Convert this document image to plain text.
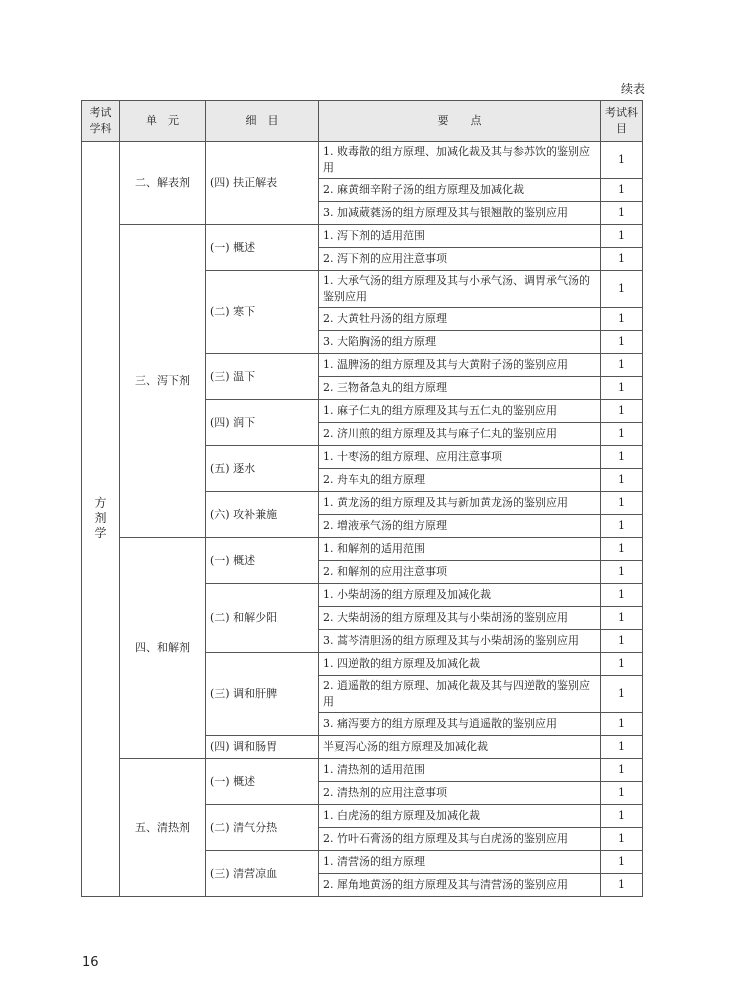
续表
考试学科	单　元	细　目	要　　点	考试科目
方剂学	二、解表剂	(四) 扶正解表	1. 败毒散的组方原理、加减化裁及其与参苏饮的鉴别应用	1
			2. 麻黄细辛附子汤的组方原理及加减化裁	1
			3. 加减葳蕤汤的组方原理及其与银翘散的鉴别应用	1
	三、泻下剂	(一) 概述	1. 泻下剂的适用范围	1
			2. 泻下剂的应用注意事项	1
		(二) 寒下	1. 大承气汤的组方原理及其与小承气汤、调胃承气汤的鉴别应用	1
			2. 大黄牡丹汤的组方原理	1
			3. 大陷胸汤的组方原理	1
		(三) 温下	1. 温脾汤的组方原理及其与大黄附子汤的鉴别应用	1
			2. 三物备急丸的组方原理	1
		(四) 润下	1. 麻子仁丸的组方原理及其与五仁丸的鉴别应用	1
			2. 济川煎的组方原理及其与麻子仁丸的鉴别应用	1
		(五) 逐水	1. 十枣汤的组方原理、应用注意事项	1
			2. 舟车丸的组方原理	1
		(六) 攻补兼施	1. 黄龙汤的组方原理及其与新加黄龙汤的鉴别应用	1
			2. 增液承气汤的组方原理	1
	四、和解剂	(一) 概述	1. 和解剂的适用范围	1
			2. 和解剂的应用注意事项	1
		(二) 和解少阳	1. 小柴胡汤的组方原理及加减化裁	1
			2. 大柴胡汤的组方原理及其与小柴胡汤的鉴别应用	1
			3. 蒿芩清胆汤的组方原理及其与小柴胡汤的鉴别应用	1
		(三) 调和肝脾	1. 四逆散的组方原理及加减化裁	1
			2. 逍遥散的组方原理、加减化裁及其与四逆散的鉴别应用	1
			3. 痛泻要方的组方原理及其与逍遥散的鉴别应用	1
		(四) 调和肠胃	半夏泻心汤的组方原理及加减化裁	1
	五、清热剂	(一) 概述	1. 清热剂的适用范围	1
			2. 清热剂的应用注意事项	1
		(二) 清气分热	1. 白虎汤的组方原理及加减化裁	1
			2. 竹叶石膏汤的组方原理及其与白虎汤的鉴别应用	1
		(三) 清营凉血	1. 清营汤的组方原理	1
			2. 犀角地黄汤的组方原理及其与清营汤的鉴别应用	1
16
